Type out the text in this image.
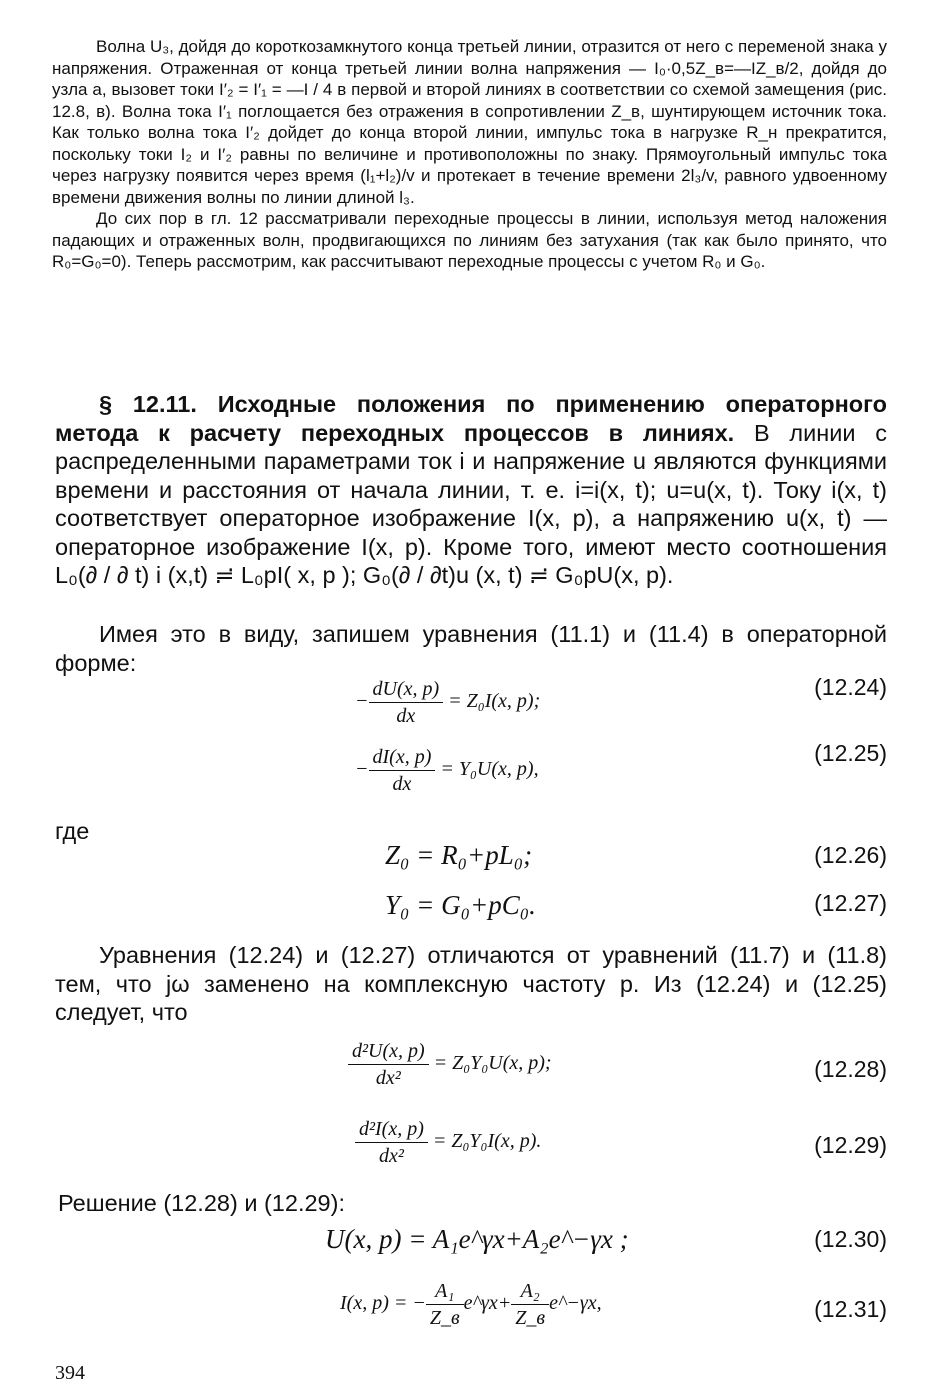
Волна U₃, дойдя до короткозамкнутого конца третьей линии, отразится от него с переменой знака у напряжения. Отраженная от конца третьей линии волна напряжения — I₀·0,5Z_в=—IZ_в/2, дойдя до узла a, вызовет токи I′₂ = I′₁ = —I / 4 в первой и второй линиях в соответствии со схемой замещения (рис. 12.8, в). Волна тока I′₁ поглощается без отражения в сопротивлении Z_в, шунтирующем источник тока. Как только волна тока I′₂ дойдет до конца второй линии, импульс тока в нагрузке R_н прекратится, поскольку токи I₂ и I′₂ равны по величине и противоположны по знаку. Прямоугольный импульс тока через нагрузку появится через время (l₁+l₂)/v и протекает в течение времени 2l₃/v, равного удвоенному времени движения волны по линии длиной l₃.

До сих пор в гл. 12 рассматривали переходные процессы в линии, используя метод наложения падающих и отраженных волн, продвигающихся по линиям без затухания (так как было принято, что R₀=G₀=0). Теперь рассмотрим, как рассчитывают переходные процессы с учетом R₀ и G₀.

§ 12.11. Исходные положения по применению операторного метода к расчету переходных процессов в линиях. В линии с распределенными параметрами ток i и напряжение u являются функциями времени и расстояния от начала линии, т. е. i=i(x, t); u=u(x, t). Току i(x, t) соответствует операторное изображение I(x, p), а напряжению u(x, t) — операторное изображение I(x, p). Кроме того, имеют место соотношения L₀(∂ / ∂ t) i (x,t) ≓ L₀pI( x, p ); G₀(∂ / ∂t)u (x, t) ≓ G₀pU(x, p).

Имея это в виду, запишем уравнения (11.1) и (11.4) в операторной форме:

− $\frac{dU(x, p)}{dx} = Z_0I(x$, p);
(12.24)
− $\frac{dI(x, p)}{dx} = Y_0U(x$, p),
(12.25)
где
Z₀ = R₀+pL₀;	(12.26)
Y₀ = G₀+pC₀.	(12.27)

Уравнения (12.24) и (12.27) отличаются от уравнений (11.7) и (11.8) тем, что jω заменено на комплексную частоту p. Из (12.24) и (12.25) следует, что

$\frac{\text{d²U(x, p)}}{\text{dx²}} = Z_0Y_0U(x$, p);	(12.28)
$\frac{\text{d²I(x, p)}}{\text{dx²}} = Z_0Y_0I(x$, p).	(12.29)
Решение (12.28) и (12.29):
U(x, p) = A₁e^γx+A₂e^−γx ;	(12.30)
I(x, p) = − $\frac{\text{A₁}}{Z\_в}$ e^γx+ $\frac{\text{A₂}}{Z\_в}$ e^−γx,	(12.31)
394
